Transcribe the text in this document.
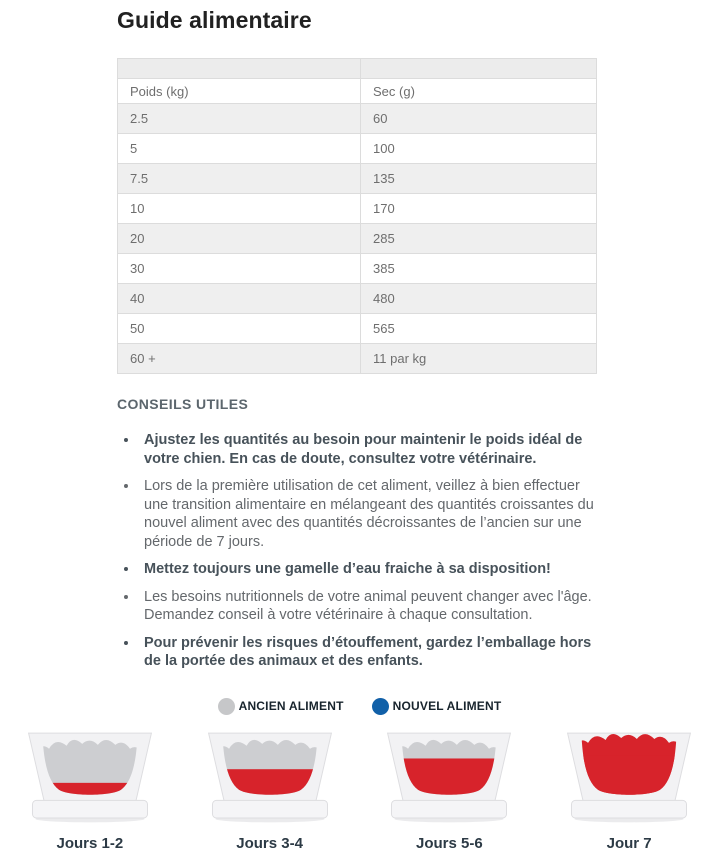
Guide alimentaire

Poids (kg)	Sec (g)
2.5	60
5	100
7.5	135
10	170
20	285
30	385
40	480
50	565
60 +	11 par kg
CONSEILS UTILES
• Ajustez les quantités au besoin pour maintenir le poids idéal de votre chien. En cas de doute, consultez votre vétérinaire.
• Lors de la première utilisation de cet aliment, veillez à bien effectuer une transition alimentaire en mélangeant des quantités croissantes du nouvel aliment avec des quantités décroissantes de l’ancien sur une période de 7 jours.
• Mettez toujours une gamelle d’eau fraiche à sa disposition!
• Les besoins nutritionnels de votre animal peuvent changer avec l'âge. Demandez conseil à votre vétérinaire à chaque consultation.
• Pour prévenir les risques d’étouffement, gardez l’emballage hors de la portée des animaux et des enfants.
ANCIEN ALIMENT	NOUVEL ALIMENT
Jours 1-2	Jours 3-4	Jours 5-6	Jour 7
